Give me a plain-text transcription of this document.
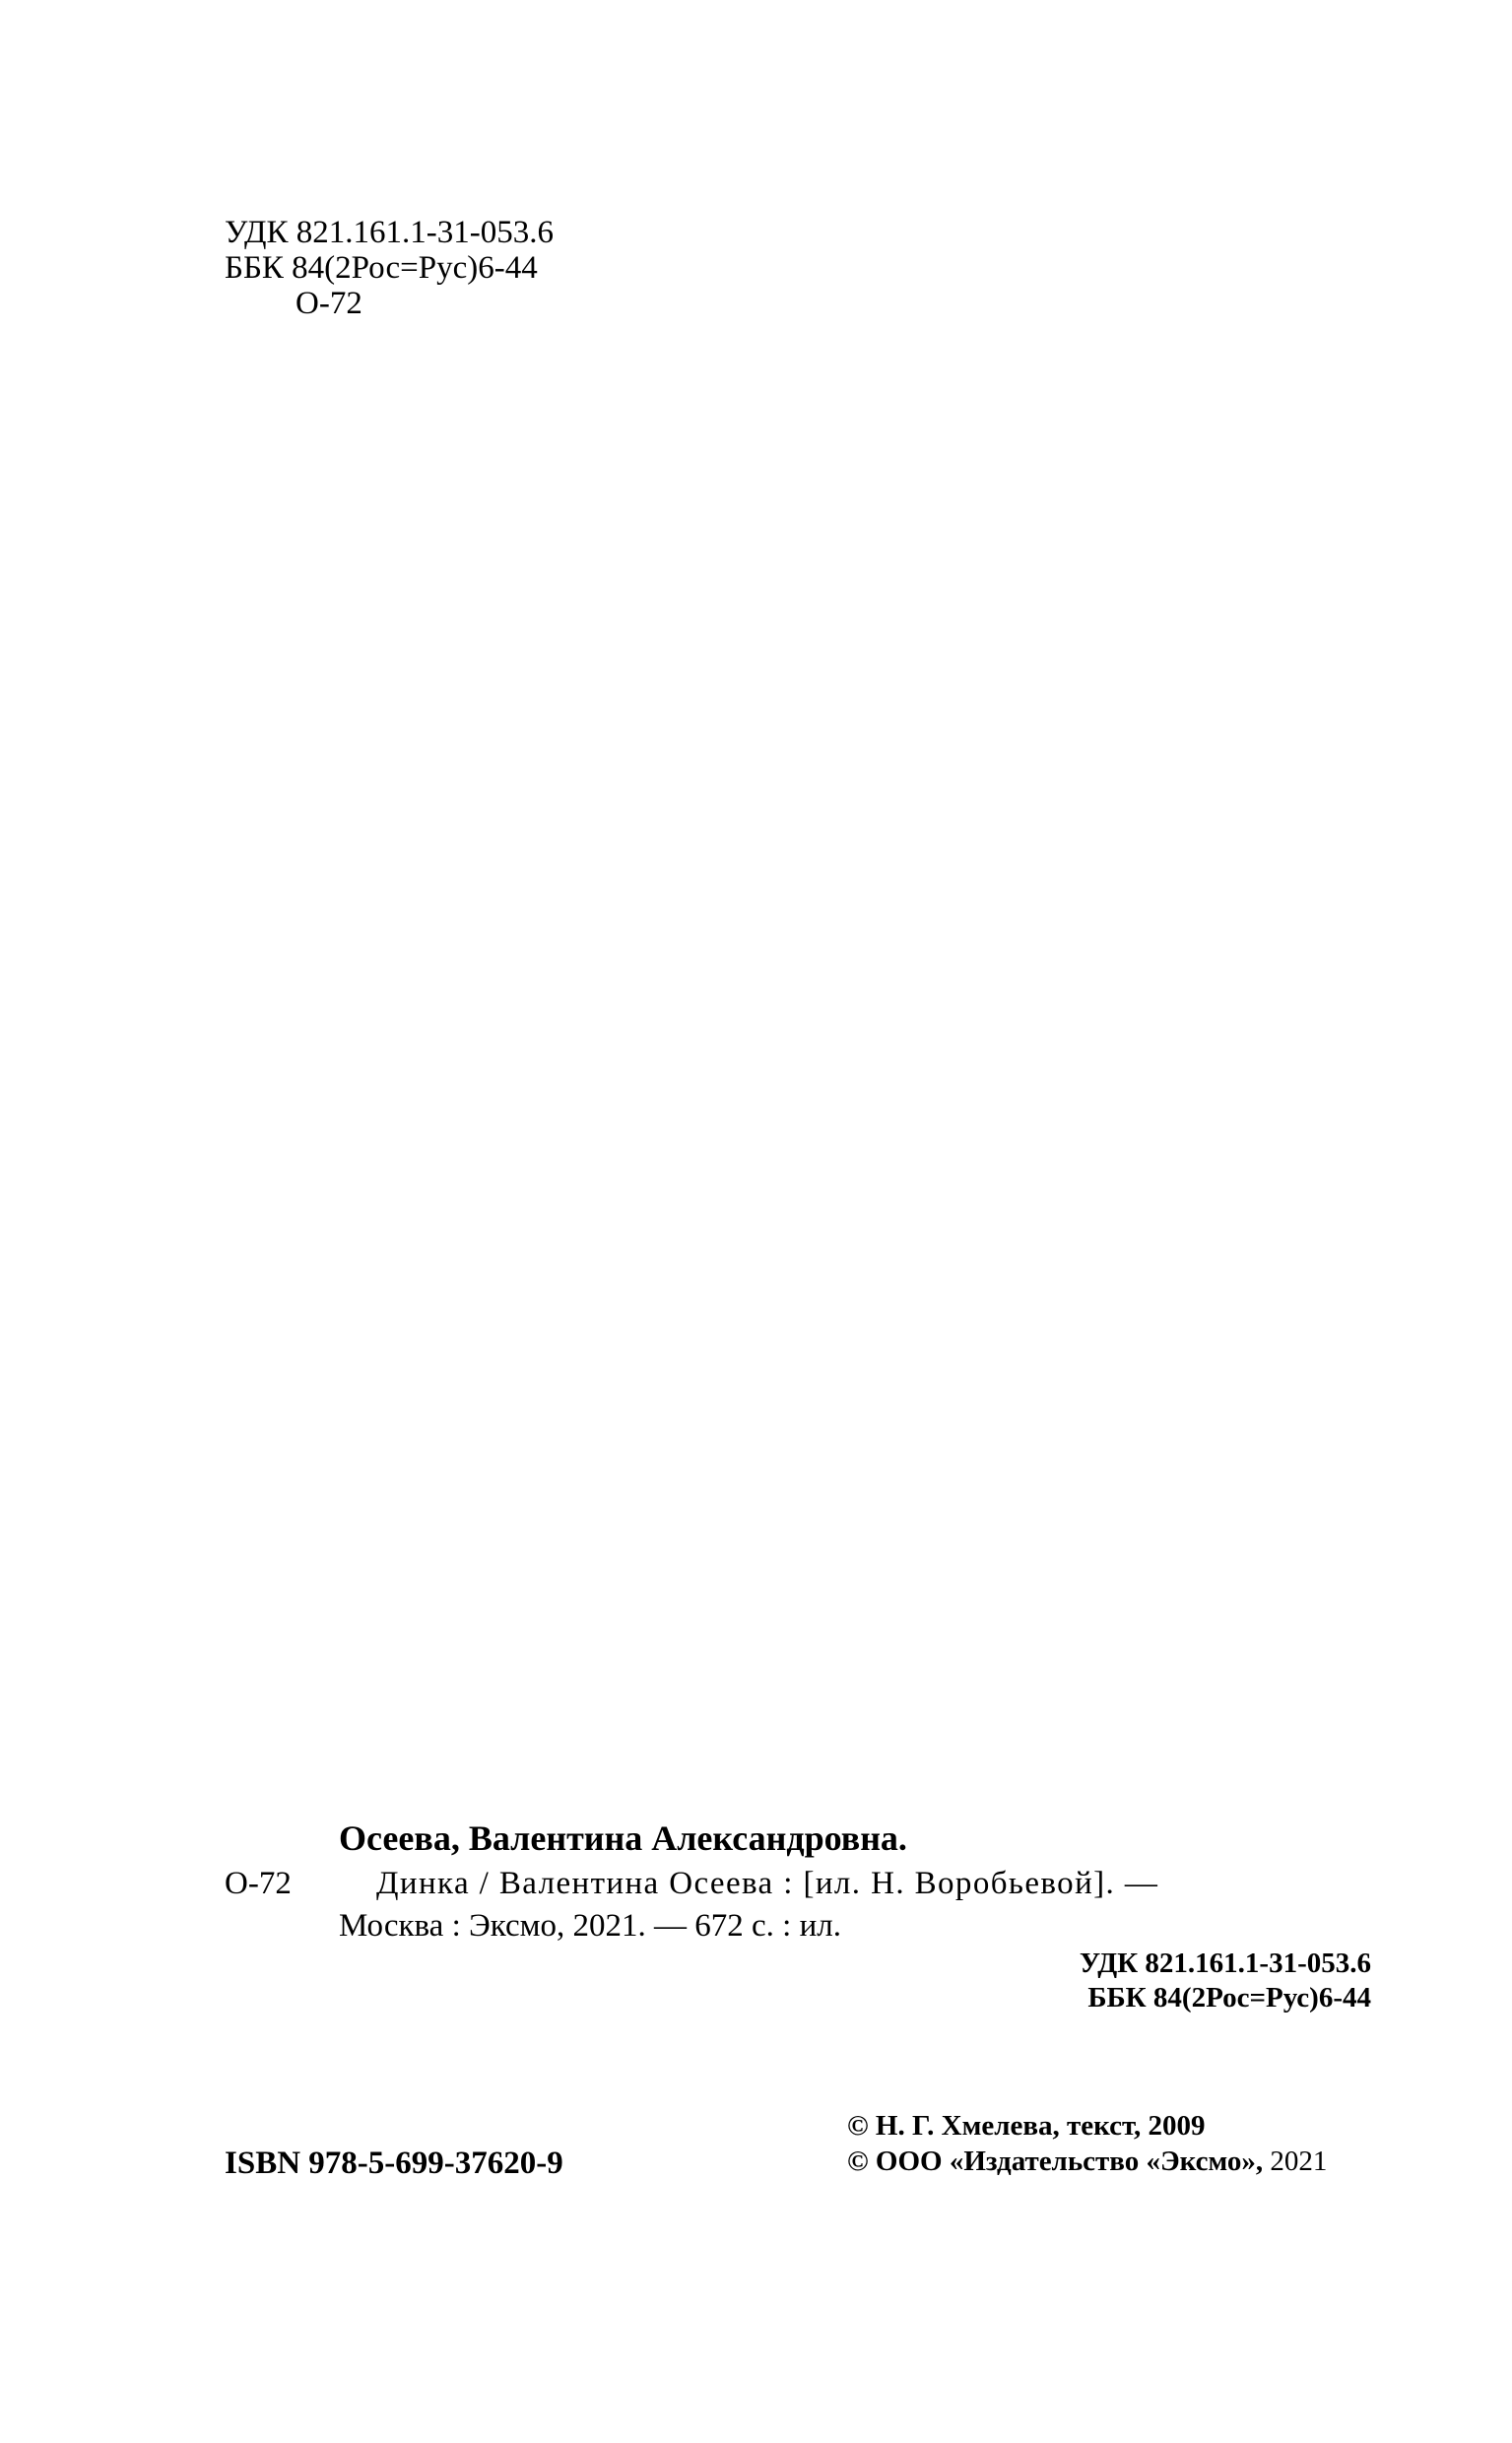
УДК 821.161.1-31-053.6
ББК 84(2Рос=Рус)6-44
О-72
Осеева, Валентина Александровна.
О-72	Динка / Валентина Осеева : [ил. Н. Воробьевой]. —
Москва : Эксмо, 2021. — 672 с. : ил.
УДК 821.161.1-31-053.6
ББК 84(2Рос=Рус)6-44
ISBN 978-5-699-37620-9
© Н. Г. Хмелева, текст, 2009
© ООО «Издательство «Эксмо», 2021
